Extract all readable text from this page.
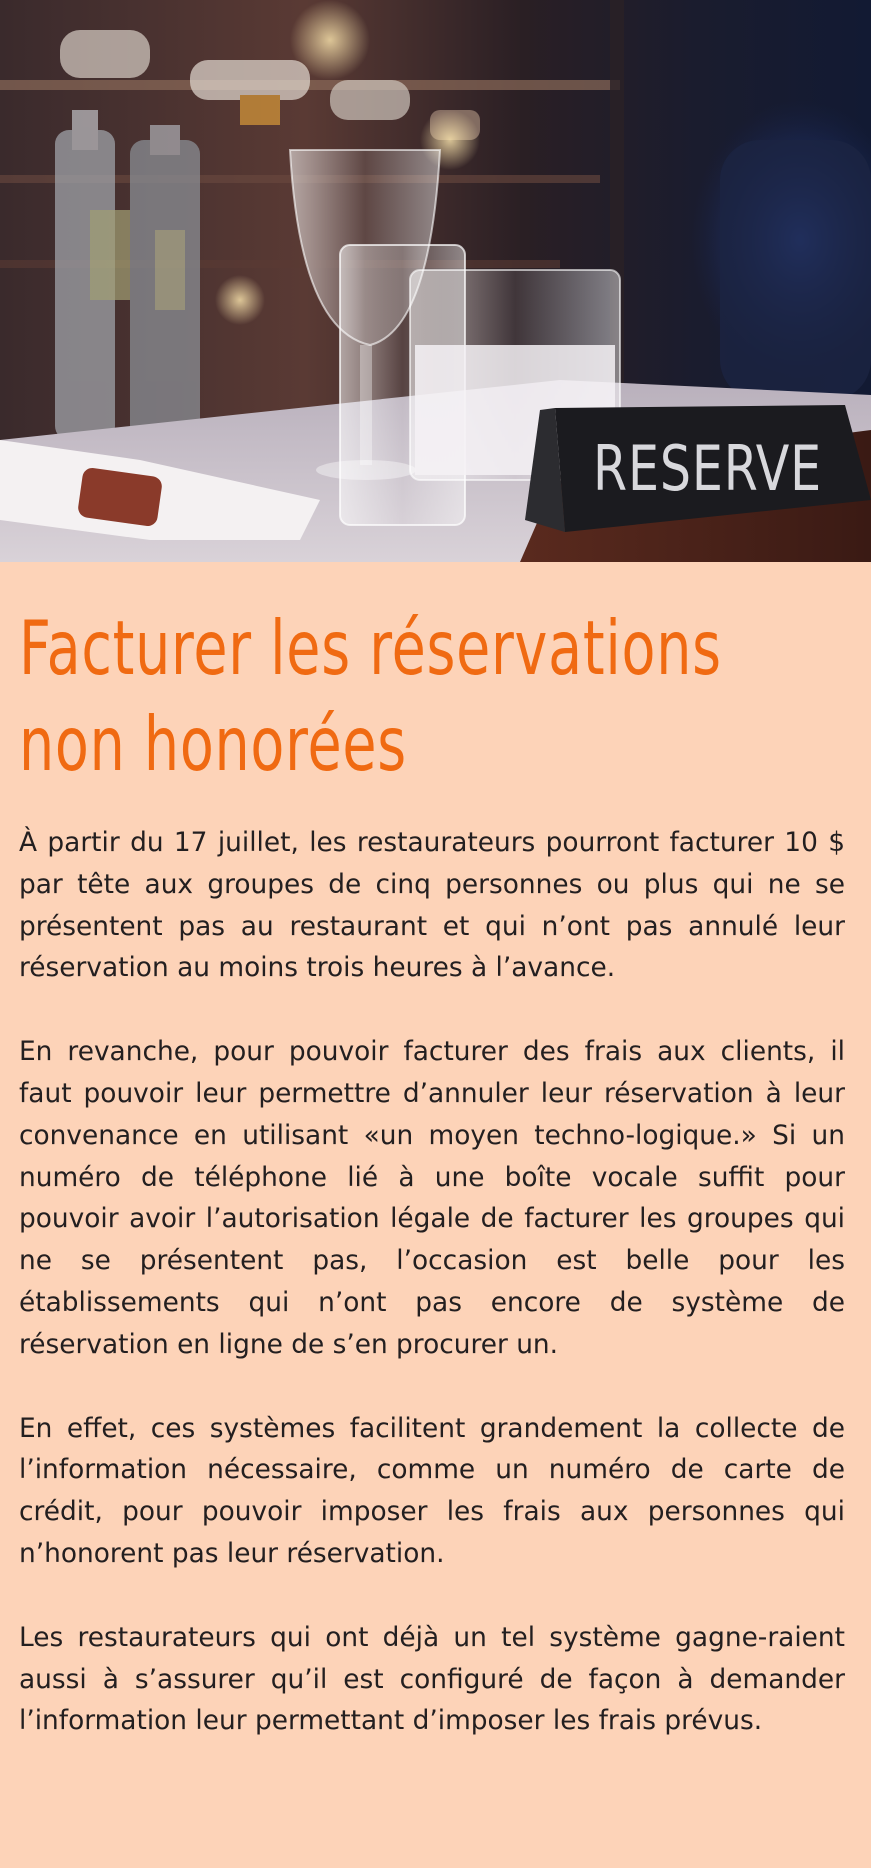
RESERVE
Facturer les réservations
non honorées

À partir du 17 juillet, les restaurateurs pourront facturer 10 $ par tête aux groupes de cinq personnes ou plus qui ne se présentent pas au restaurant et qui n’ont pas annulé leur réservation au moins trois heures à l’avance.

En revanche, pour pouvoir facturer des frais aux clients, il faut pouvoir leur permettre d’annuler leur réservation à leur convenance en utilisant «un moyen techno-logique.» Si un numéro de téléphone lié à une boîte vocale suffit pour pouvoir avoir l’autorisation légale de facturer les groupes qui ne se présentent pas, l’occasion est belle pour les établissements qui n’ont pas encore de système de réservation en ligne de s’en procurer un.

En effet, ces systèmes facilitent grandement la collecte de l’information nécessaire, comme un numéro de carte de crédit, pour pouvoir imposer les frais aux personnes qui n’honorent pas leur réservation.

Les restaurateurs qui ont déjà un tel système gagne-raient aussi à s’assurer qu’il est configuré de façon à demander l’information leur permettant d’imposer les frais prévus.
